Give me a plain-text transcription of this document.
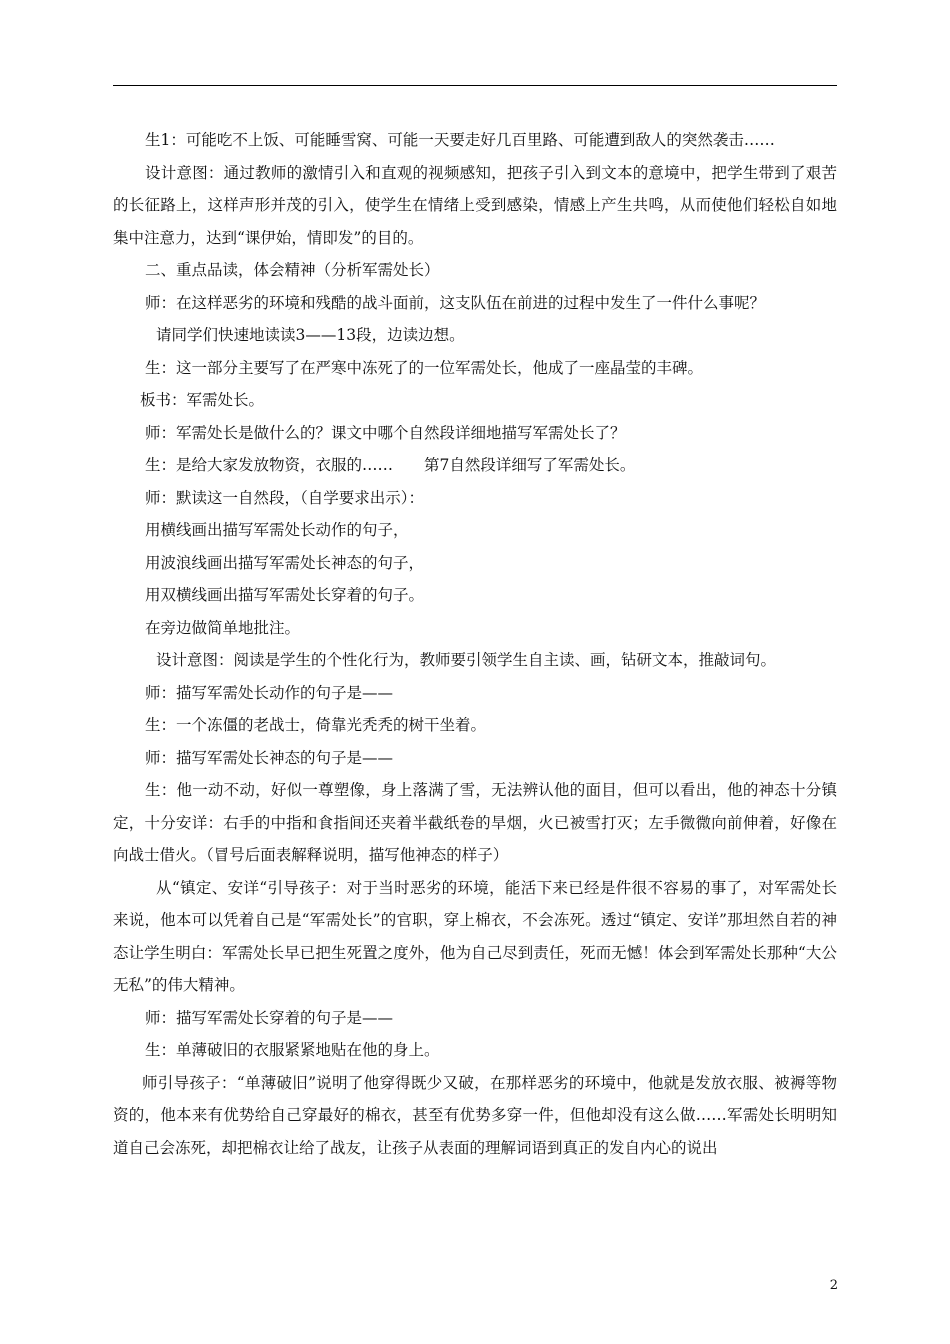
生1：可能吃不上饭、可能睡雪窝、可能一天要走好几百里路、可能遭到敌人的突然袭击……

设计意图：通过教师的激情引入和直观的视频感知，把孩子引入到文本的意境中，把学生带到了艰苦的长征路上，这样声形并茂的引入，使学生在情绪上受到感染，情感上产生共鸣，从而使他们轻松自如地集中注意力，达到“课伊始，情即发”的目的。

二、重点品读，体会精神（分析军需处长）

师：在这样恶劣的环境和残酷的战斗面前，这支队伍在前进的过程中发生了一件什么事呢？

请同学们快速地读读3——13段，边读边想。

生：这一部分主要写了在严寒中冻死了的一位军需处长，他成了一座晶莹的丰碑。

板书：军需处长。

师：军需处长是做什么的？课文中哪个自然段详细地描写军需处长了？

生：是给大家发放物资，衣服的……　　第7自然段详细写了军需处长。

师：默读这一自然段，（自学要求出示）：

用横线画出描写军需处长动作的句子，

用波浪线画出描写军需处长神态的句子，

用双横线画出描写军需处长穿着的句子。

在旁边做简单地批注。

设计意图：阅读是学生的个性化行为，教师要引领学生自主读、画，钻研文本，推敲词句。

师：描写军需处长动作的句子是——

生：一个冻僵的老战士，倚靠光秃秃的树干坐着。

师：描写军需处长神态的句子是——

生：他一动不动，好似一尊塑像，身上落满了雪，无法辨认他的面目，但可以看出，他的神态十分镇定，十分安详：右手的中指和食指间还夹着半截纸卷的旱烟，火已被雪打灭；左手微微向前伸着，好像在向战士借火。（冒号后面表解释说明，描写他神态的样子）

从“镇定、安详“引导孩子：对于当时恶劣的环境，能活下来已经是件很不容易的事了，对军需处长来说，他本可以凭着自己是“军需处长”的官职，穿上棉衣，不会冻死。透过“镇定、安详”那坦然自若的神态让学生明白：军需处长早已把生死置之度外，他为自己尽到责任，死而无憾！体会到军需处长那种“大公无私”的伟大精神。

师：描写军需处长穿着的句子是——

生：单薄破旧的衣服紧紧地贴在他的身上。

师引导孩子：“单薄破旧”说明了他穿得既少又破，在那样恶劣的环境中，他就是发放衣服、被褥等物资的，他本来有优势给自己穿最好的棉衣，甚至有优势多穿一件，但他却没有这么做……军需处长明明知道自己会冻死，却把棉衣让给了战友，让孩子从表面的理解词语到真正的发自内心的说出

2
